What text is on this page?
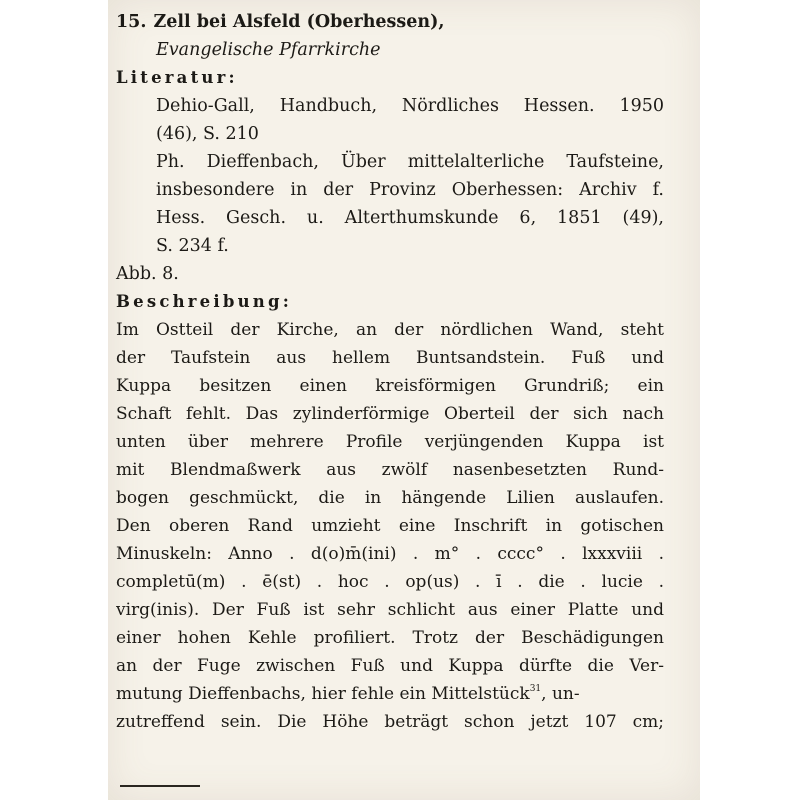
15. Zell bei Alsfeld (Oberhessen),
Evangelische Pfarrkirche
Literatur:
Dehio-Gall, Handbuch, Nördliches Hessen. 1950
(46), S. 210
Ph. Dieffenbach, Über mittelalterliche Taufsteine,
insbesondere in der Provinz Oberhessen: Archiv f.
Hess. Gesch. u. Alterthumskunde 6, 1851 (49),
S. 234 f.
Abb. 8.
Beschreibung:
Im Ostteil der Kirche, an der nördlichen Wand, steht
der Taufstein aus hellem Buntsandstein. Fuß und
Kuppa besitzen einen kreisförmigen Grundriß; ein
Schaft fehlt. Das zylinderförmige Oberteil der sich nach
unten über mehrere Profile verjüngenden Kuppa ist
mit Blendmaßwerk aus zwölf nasenbesetzten Rund-
bogen geschmückt, die in hängende Lilien auslaufen.
Den oberen Rand umzieht eine Inschrift in gotischen
Minuskeln: Anno . d(o)m̄(ini) . m° . cccc° . lxxxviii .
completū(m) . ē(st) . hoc . op(us) . ī . die . lucie .
virg(inis). Der Fuß ist sehr schlicht aus einer Platte und
einer hohen Kehle profiliert. Trotz der Beschädigungen
an der Fuge zwischen Fuß und Kuppa dürfte die Ver-
mutung Dieffenbachs, hier fehle ein Mittelstück$^{31}$, un-
zutreffend sein. Die Höhe beträgt schon jetzt 107 cm;
